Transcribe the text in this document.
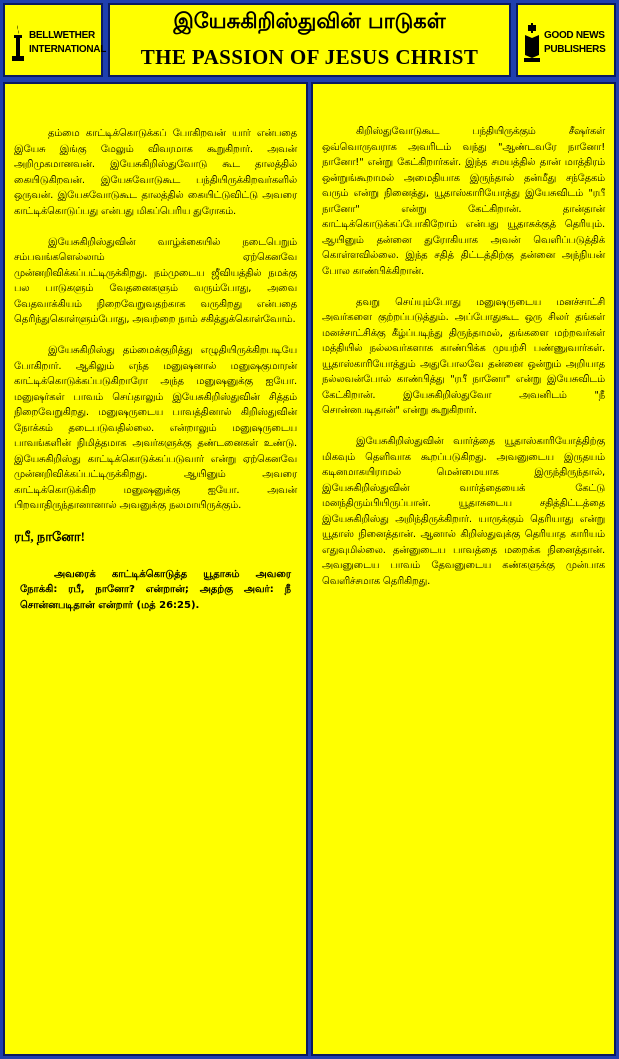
BELLWETHER
INTERNATIONAL
இயேசுகிறிஸ்துவின் பாடுகள்
THE PASSION OF JESUS CHRIST
GOOD NEWS
PUBLISHERS

தம்மை காட்டிக்கொடுக்கப் போகிறவன் யார் என்பதை இயேசு இங்கு மேலும் விவரமாக கூறுகிறார். அவன் அறிமுகமானவன். இயேசுகிறிஸ்துவோடு கூட தாலத்தில் கையிடுகிறவன். இயேசுவோடுகூட பந்தியிருக்கிறவர்களில் ஒருவன். இயேசுவோடுகூட தாலத்தில் கையிட்டுவிட்டு அவரை காட்டிக்கொடுப்பது என்பது மிகப்பெரிய துரோகம்.

இயேசுகிறிஸ்துவின் வாழ்க்கையில் நடைபெறும் சம்பவங்களெல்லாம் ஏற்கெனவே முன்னறிவிக்கப்பட்டிருக்கிறது. நம்முடைய ஜீவியத்தில் நமக்கு பல பாடுகளும் வேதனைகளும் வரும்போது, அவை வேதவாக்கியம் நிறைவேறுவதற்காக வருகிறது என்பதை தெரிந்துகொள்ளும்போது, அவற்றை நாம் சகித்துக்கொள்வோம்.

இயேசுகிறிஸ்து தம்மைக்குறித்து எழுதியிருக்கிறபடியே போகிறார். ஆகிலும் எந்த மனுஷனால் மனுஷகுமாரன் காட்டிக்கொடுக்கப்படுகிறாரோ அந்த மனுஷனுக்கு ஐயோ. மனுஷர்கள் பாவம் செய்தாலும் இயேசுகிறிஸ்துவின் சித்தம் நிறைவேறுகிறது. மனுஷருடைய பாவத்தினால் கிறிஸ்துவின் நோக்கம் தடைபடுவதில்லை. என்றாலும் மனுஷருடைய பாவங்களின் நிமித்தமாக அவர்களுக்கு தண்டனைகள் உண்டு. இயேசுகிறிஸ்து காட்டிக்கொடுக்கப்படுவார் என்று ஏற்கெனவே முன்னறிவிக்கப்பட்டிருக்கிறது. ஆயினும் அவரை காட்டிக்கொடுக்கிற மனுஷனுக்கு ஐயோ. அவன் பிறவாதிருந்தானானால் அவனுக்கு நலமாயிருக்கும்.

ரபீ, நானோ!

அவரைக் காட்டிக்கொடுத்த யூதாசும் அவரை நோக்கி: ரபீ, நானோ? என்றான்; அதற்கு அவர்: நீ சொன்னபடிதான் என்றார் (மத் 26:25).

கிறிஸ்துவோடுகூட பந்தியிருக்கும் சீஷர்கள் ஒவ்வொருவராக அவரிடம் வந்து "ஆண்டவரே நானோ! நானோ!" என்று கேட்கிறார்கள். இந்த சமயத்தில் தான் மாத்திரம் ஒன்றுங்கூறாமல் அமைதியாக இருந்தால் தன்மீது சந்தேகம் வரும் என்று நினைத்து, யூதாஸ்காரியோத்து இயேசுவிடம் "ரபீ நானோ" என்று கேட்கிறான். தான்தான் காட்டிக்கொடுக்கப்போகிறோம் என்பது யூதாசுக்குத் தெரியும். ஆயினும் தன்னை துரோகியாக அவன் வெளிப்படுத்திக் கொள்ளவில்லை. இந்த சதித் திட்டத்திற்கு தன்னை அந்நியன் போல காண்பிக்கிறான்.

தவறு செய்யும்போது மனுஷருடைய மனச்சாட்சி அவர்களை குற்றப்படுத்தும். அப்போதுகூட ஒரு சிலர் தங்கள் மனச்சாட்சிக்கு கீழ்ப்படிந்து திருந்தாமல், தங்களை மற்றவர்கள் மத்தியில் நல்லவர்களாக காண்பிக்க முயற்சி பண்ணுவார்கள். யூதாஸ்காரியோத்தும் அதுபோலவே தன்னை ஒன்றும் அறியாத நல்லவன்போல் காண்பித்து "ரபீ நானோ" என்று இயேசுவிடம் கேட்கிறான். இயேசுகிறிஸ்துவோ அவனிடம் "நீ சொன்னபடிதான்" என்று கூறுகிறார்.

இயேசுகிறிஸ்துவின் வார்த்தை யூதாஸ்காரியோத்திற்கு மிகவும் தெளிவாக கூறப்படுகிறது. அவனுடைய இருதயம் கடினமாகயிராமல் மென்மையாக இருந்திருந்தால், இயேசுகிறிஸ்துவின் வார்த்தையைக் கேட்டு மனந்திரும்பியிருப்பான். யூதாசுடைய சதித்திட்டத்தை இயேசுகிறிஸ்து அறிந்திருக்கிறார். யாருக்கும் தெரியாது என்று யூதாஸ் நினைத்தான். ஆனால் கிறிஸ்துவுக்கு தெரியாத காரியம் எதுவுமில்லை. தன்னுடைய பாவத்தை மறைக்க நினைத்தான். அவனுடைய பாவம் தேவனுடைய கண்களுக்கு முன்பாக வெளிச்சமாக தெரிகிறது.
